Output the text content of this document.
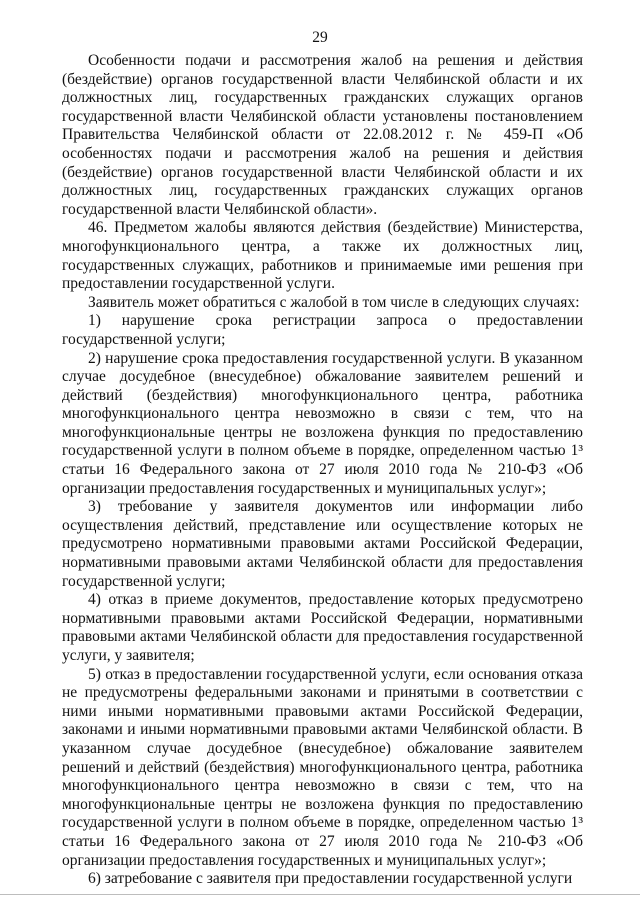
29

Особенности подачи и рассмотрения жалоб на решения и действия (бездействие) органов государственной власти Челябинской области и их должностных лиц, государственных гражданских служащих органов государственной власти Челябинской области установлены постановлением Правительства Челябинской области от 22.08.2012 г. № 459-П «Об особенностях подачи и рассмотрения жалоб на решения и действия (бездействие) органов государственной власти Челябинской области и их должностных лиц, государственных гражданских служащих органов государственной власти Челябинской области».

46. Предметом жалобы являются действия (бездействие) Министерства, многофункционального центра, а также их должностных лиц, государственных служащих, работников и принимаемые ими решения при предоставлении государственной услуги.

Заявитель может обратиться с жалобой в том числе в следующих случаях:

1) нарушение срока регистрации запроса о предоставлении государственной услуги;

2) нарушение срока предоставления государственной услуги. В указанном случае досудебное (внесудебное) обжалование заявителем решений и действий (бездействия) многофункционального центра, работника многофункционального центра невозможно в связи с тем, что на многофункциональные центры не возложена функция по предоставлению государственной услуги в полном объеме в порядке, определенном частью 1³ статьи 16 Федерального закона от 27 июля 2010 года № 210-ФЗ «Об организации предоставления государственных и муниципальных услуг»;

3) требование у заявителя документов или информации либо осуществления действий, представление или осуществление которых не предусмотрено нормативными правовыми актами Российской Федерации, нормативными правовыми актами Челябинской области для предоставления государственной услуги;

4) отказ в приеме документов, предоставление которых предусмотрено нормативными правовыми актами Российской Федерации, нормативными правовыми актами Челябинской области для предоставления государственной услуги, у заявителя;

5) отказ в предоставлении государственной услуги, если основания отказа не предусмотрены федеральными законами и принятыми в соответствии с ними иными нормативными правовыми актами Российской Федерации, законами и иными нормативными правовыми актами Челябинской области. В указанном случае досудебное (внесудебное) обжалование заявителем решений и действий (бездействия) многофункционального центра, работника многофункционального центра невозможно в связи с тем, что на многофункциональные центры не возложена функция по предоставлению государственной услуги в полном объеме в порядке, определенном частью 1³ статьи 16 Федерального закона от 27 июля 2010 года № 210-ФЗ «Об организации предоставления государственных и муниципальных услуг»;

6) затребование с заявителя при предоставлении государственной услуги
